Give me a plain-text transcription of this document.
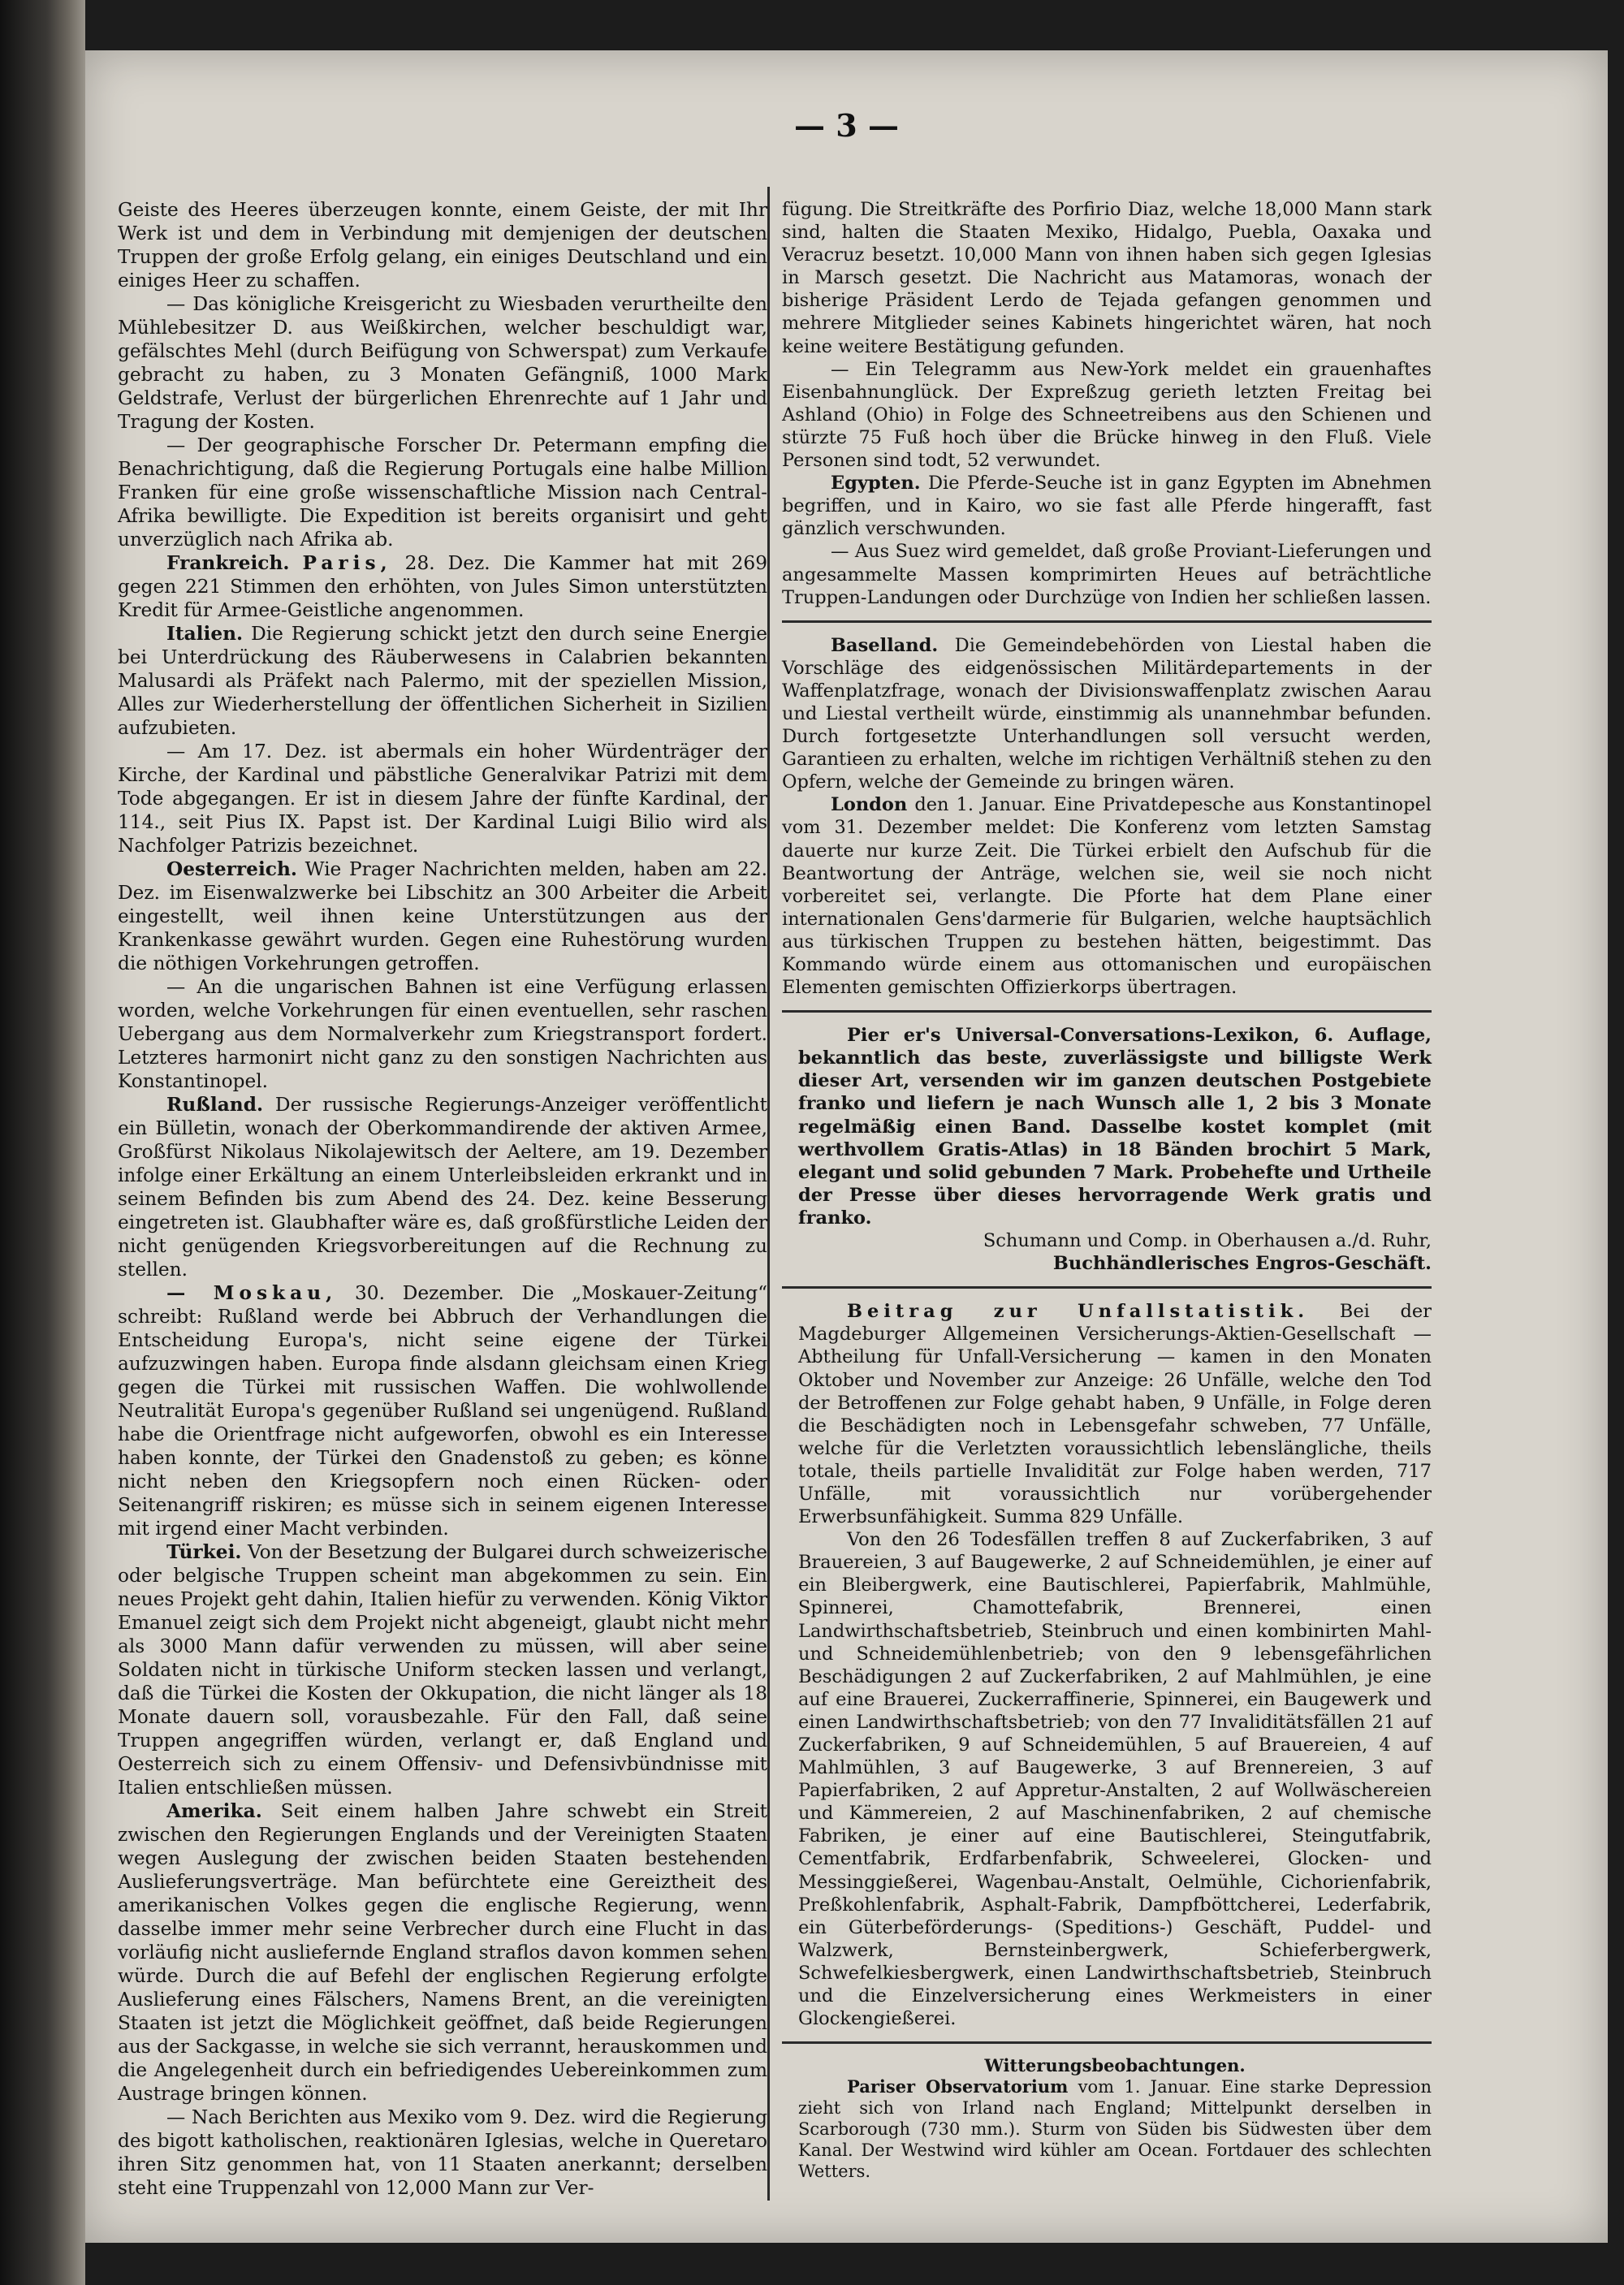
— 3 —

Geiste des Heeres überzeugen konnte, einem Geiste, der mit Ihr Werk ist und dem in Verbindung mit demjenigen der deutschen Truppen der große Erfolg gelang, ein einiges Deutschland und ein einiges Heer zu schaffen.

— Das königliche Kreisgericht zu Wiesbaden verurtheilte den Mühlebesitzer D. aus Weißkirchen, welcher beschuldigt war, gefälschtes Mehl (durch Beifügung von Schwerspat) zum Verkaufe gebracht zu haben, zu 3 Monaten Gefängniß, 1000 Mark Geldstrafe, Verlust der bürgerlichen Ehrenrechte auf 1 Jahr und Tragung der Kosten.

— Der geographische Forscher Dr. Petermann empfing die Benachrichtigung, daß die Regierung Portugals eine halbe Million Franken für eine große wissenschaftliche Mission nach Central-Afrika bewilligte. Die Expedition ist bereits organisirt und geht unverzüglich nach Afrika ab.

Frankreich. Paris, 28. Dez. Die Kammer hat mit 269 gegen 221 Stimmen den erhöhten, von Jules Simon unterstützten Kredit für Armee-Geistliche angenommen.

Italien. Die Regierung schickt jetzt den durch seine Energie bei Unterdrückung des Räuberwesens in Calabrien bekannten Malusardi als Präfekt nach Palermo, mit der speziellen Mission, Alles zur Wiederherstellung der öffentlichen Sicherheit in Sizilien aufzubieten.

— Am 17. Dez. ist abermals ein hoher Würdenträger der Kirche, der Kardinal und päbstliche Generalvikar Patrizi mit dem Tode abgegangen. Er ist in diesem Jahre der fünfte Kardinal, der 114., seit Pius IX. Papst ist. Der Kardinal Luigi Bilio wird als Nachfolger Patrizis bezeichnet.

Oesterreich. Wie Prager Nachrichten melden, haben am 22. Dez. im Eisenwalzwerke bei Libschitz an 300 Arbeiter die Arbeit eingestellt, weil ihnen keine Unterstützungen aus der Krankenkasse gewährt wurden. Gegen eine Ruhestörung wurden die nöthigen Vorkehrungen getroffen.

— An die ungarischen Bahnen ist eine Verfügung erlassen worden, welche Vorkehrungen für einen eventuellen, sehr raschen Uebergang aus dem Normalverkehr zum Kriegstransport fordert. Letzteres harmonirt nicht ganz zu den sonstigen Nachrichten aus Konstantinopel.

Rußland. Der russische Regierungs-Anzeiger veröffentlicht ein Bülletin, wonach der Oberkommandirende der aktiven Armee, Großfürst Nikolaus Nikolajewitsch der Aeltere, am 19. Dezember infolge einer Erkältung an einem Unterleibsleiden erkrankt und in seinem Befinden bis zum Abend des 24. Dez. keine Besserung eingetreten ist. Glaubhafter wäre es, daß großfürstliche Leiden der nicht genügenden Kriegsvorbereitungen auf die Rechnung zu stellen.

— Moskau, 30. Dezember. Die „Moskauer-Zeitung“ schreibt: Rußland werde bei Abbruch der Verhandlungen die Entscheidung Europa's, nicht seine eigene der Türkei aufzuzwingen haben. Europa finde alsdann gleichsam einen Krieg gegen die Türkei mit russischen Waffen. Die wohlwollende Neutralität Europa's gegenüber Rußland sei ungenügend. Rußland habe die Orientfrage nicht aufgeworfen, obwohl es ein Interesse haben konnte, der Türkei den Gnadenstoß zu geben; es könne nicht neben den Kriegsopfern noch einen Rücken- oder Seitenangriff riskiren; es müsse sich in seinem eigenen Interesse mit irgend einer Macht verbinden.

Türkei. Von der Besetzung der Bulgarei durch schweizerische oder belgische Truppen scheint man abgekommen zu sein. Ein neues Projekt geht dahin, Italien hiefür zu verwenden. König Viktor Emanuel zeigt sich dem Projekt nicht abgeneigt, glaubt nicht mehr als 3000 Mann dafür verwenden zu müssen, will aber seine Soldaten nicht in türkische Uniform stecken lassen und verlangt, daß die Türkei die Kosten der Okkupation, die nicht länger als 18 Monate dauern soll, vorausbezahle. Für den Fall, daß seine Truppen angegriffen würden, verlangt er, daß England und Oesterreich sich zu einem Offensiv- und Defensivbündnisse mit Italien entschließen müssen.

Amerika. Seit einem halben Jahre schwebt ein Streit zwischen den Regierungen Englands und der Vereinigten Staaten wegen Auslegung der zwischen beiden Staaten bestehenden Auslieferungsverträge. Man befürchtete eine Gereiztheit des amerikanischen Volkes gegen die englische Regierung, wenn dasselbe immer mehr seine Verbrecher durch eine Flucht in das vorläufig nicht ausliefernde England straflos davon kommen sehen würde. Durch die auf Befehl der englischen Regierung erfolgte Auslieferung eines Fälschers, Namens Brent, an die vereinigten Staaten ist jetzt die Möglichkeit geöffnet, daß beide Regierungen aus der Sackgasse, in welche sie sich verrannt, herauskommen und die Angelegenheit durch ein befriedigendes Uebereinkommen zum Austrage bringen können.

— Nach Berichten aus Mexiko vom 9. Dez. wird die Regierung des bigott katholischen, reaktionären Iglesias, welche in Queretaro ihren Sitz genommen hat, von 11 Staaten anerkannt; derselben steht eine Truppenzahl von 12,000 Mann zur Ver-

fügung. Die Streitkräfte des Porfirio Diaz, welche 18,000 Mann stark sind, halten die Staaten Mexiko, Hidalgo, Puebla, Oaxaka und Veracruz besetzt. 10,000 Mann von ihnen haben sich gegen Iglesias in Marsch gesetzt. Die Nachricht aus Matamoras, wonach der bisherige Präsident Lerdo de Tejada gefangen genommen und mehrere Mitglieder seines Kabinets hingerichtet wären, hat noch keine weitere Bestätigung gefunden.

— Ein Telegramm aus New-York meldet ein grauenhaftes Eisenbahnunglück. Der Expreßzug gerieth letzten Freitag bei Ashland (Ohio) in Folge des Schneetreibens aus den Schienen und stürzte 75 Fuß hoch über die Brücke hinweg in den Fluß. Viele Personen sind todt, 52 verwundet.

Egypten. Die Pferde-Seuche ist in ganz Egypten im Abnehmen begriffen, und in Kairo, wo sie fast alle Pferde hingerafft, fast gänzlich verschwunden.

— Aus Suez wird gemeldet, daß große Proviant-Lieferungen und angesammelte Massen komprimirten Heues auf beträchtliche Truppen-Landungen oder Durchzüge von Indien her schließen lassen.

Baselland. Die Gemeindebehörden von Liestal haben die Vorschläge des eidgenössischen Militärdepartements in der Waffenplatzfrage, wonach der Divisionswaffenplatz zwischen Aarau und Liestal vertheilt würde, einstimmig als unannehmbar befunden. Durch fortgesetzte Unterhandlungen soll versucht werden, Garantieen zu erhalten, welche im richtigen Verhältniß stehen zu den Opfern, welche der Gemeinde zu bringen wären.

London den 1. Januar. Eine Privatdepesche aus Konstantinopel vom 31. Dezember meldet: Die Konferenz vom letzten Samstag dauerte nur kurze Zeit. Die Türkei erbielt den Aufschub für die Beantwortung der Anträge, welchen sie, weil sie noch nicht vorbereitet sei, verlangte. Die Pforte hat dem Plane einer internationalen Gens'darmerie für Bulgarien, welche hauptsächlich aus türkischen Truppen zu bestehen hätten, beigestimmt. Das Kommando würde einem aus ottomanischen und europäischen Elementen gemischten Offizierkorps übertragen.

Pier er's Universal-Conversations-Lexikon, 6. Auflage, bekanntlich das beste, zuverlässigste und billigste Werk dieser Art, versenden wir im ganzen deutschen Postgebiete franko und liefern je nach Wunsch alle 1, 2 bis 3 Monate regelmäßig einen Band. Dasselbe kostet komplet (mit werthvollem Gratis-Atlas) in 18 Bänden brochirt 5 Mark, elegant und solid gebunden 7 Mark. Probehefte und Urtheile der Presse über dieses hervorragende Werk gratis und franko.

Schumann und Comp. in Oberhausen a./d. Ruhr,

Buchhändlerisches Engros-Geschäft.

Beitrag zur Unfallstatistik. Bei der Magdeburger Allgemeinen Versicherungs-Aktien-Gesellschaft — Abtheilung für Unfall-Versicherung — kamen in den Monaten Oktober und November zur Anzeige: 26 Unfälle, welche den Tod der Betroffenen zur Folge gehabt haben, 9 Unfälle, in Folge deren die Beschädigten noch in Lebensgefahr schweben, 77 Unfälle, welche für die Verletzten voraussichtlich lebenslängliche, theils totale, theils partielle Invalidität zur Folge haben werden, 717 Unfälle, mit voraussichtlich nur vorübergehender Erwerbsunfähigkeit. Summa 829 Unfälle.

Von den 26 Todesfällen treffen 8 auf Zuckerfabriken, 3 auf Brauereien, 3 auf Baugewerke, 2 auf Schneidemühlen, je einer auf ein Bleibergwerk, eine Bautischlerei, Papierfabrik, Mahlmühle, Spinnerei, Chamottefabrik, Brennerei, einen Landwirthschaftsbetrieb, Steinbruch und einen kombinirten Mahl- und Schneidemühlenbetrieb; von den 9 lebensgefährlichen Beschädigungen 2 auf Zuckerfabriken, 2 auf Mahlmühlen, je eine auf eine Brauerei, Zuckerraffinerie, Spinnerei, ein Baugewerk und einen Landwirthschaftsbetrieb; von den 77 Invaliditätsfällen 21 auf Zuckerfabriken, 9 auf Schneidemühlen, 5 auf Brauereien, 4 auf Mahlmühlen, 3 auf Baugewerke, 3 auf Brennereien, 3 auf Papierfabriken, 2 auf Appretur-Anstalten, 2 auf Wollwäschereien und Kämmereien, 2 auf Maschinenfabriken, 2 auf chemische Fabriken, je einer auf eine Bautischlerei, Steingutfabrik, Cementfabrik, Erdfarbenfabrik, Schweelerei, Glocken- und Messinggießerei, Wagenbau-Anstalt, Oelmühle, Cichorienfabrik, Preßkohlenfabrik, Asphalt-Fabrik, Dampfböttcherei, Lederfabrik, ein Güterbeförderungs- (Speditions-) Geschäft, Puddel- und Walzwerk, Bernsteinbergwerk, Schieferbergwerk, Schwefelkiesbergwerk, einen Landwirthschaftsbetrieb, Steinbruch und die Einzelversicherung eines Werkmeisters in einer Glockengießerei.

Witterungsbeobachtungen.

Pariser Observatorium vom 1. Januar. Eine starke Depression zieht sich von Irland nach England; Mittelpunkt derselben in Scarborough (730 mm.). Sturm von Süden bis Südwesten über dem Kanal. Der Westwind wird kühler am Ocean. Fortdauer des schlechten Wetters.
